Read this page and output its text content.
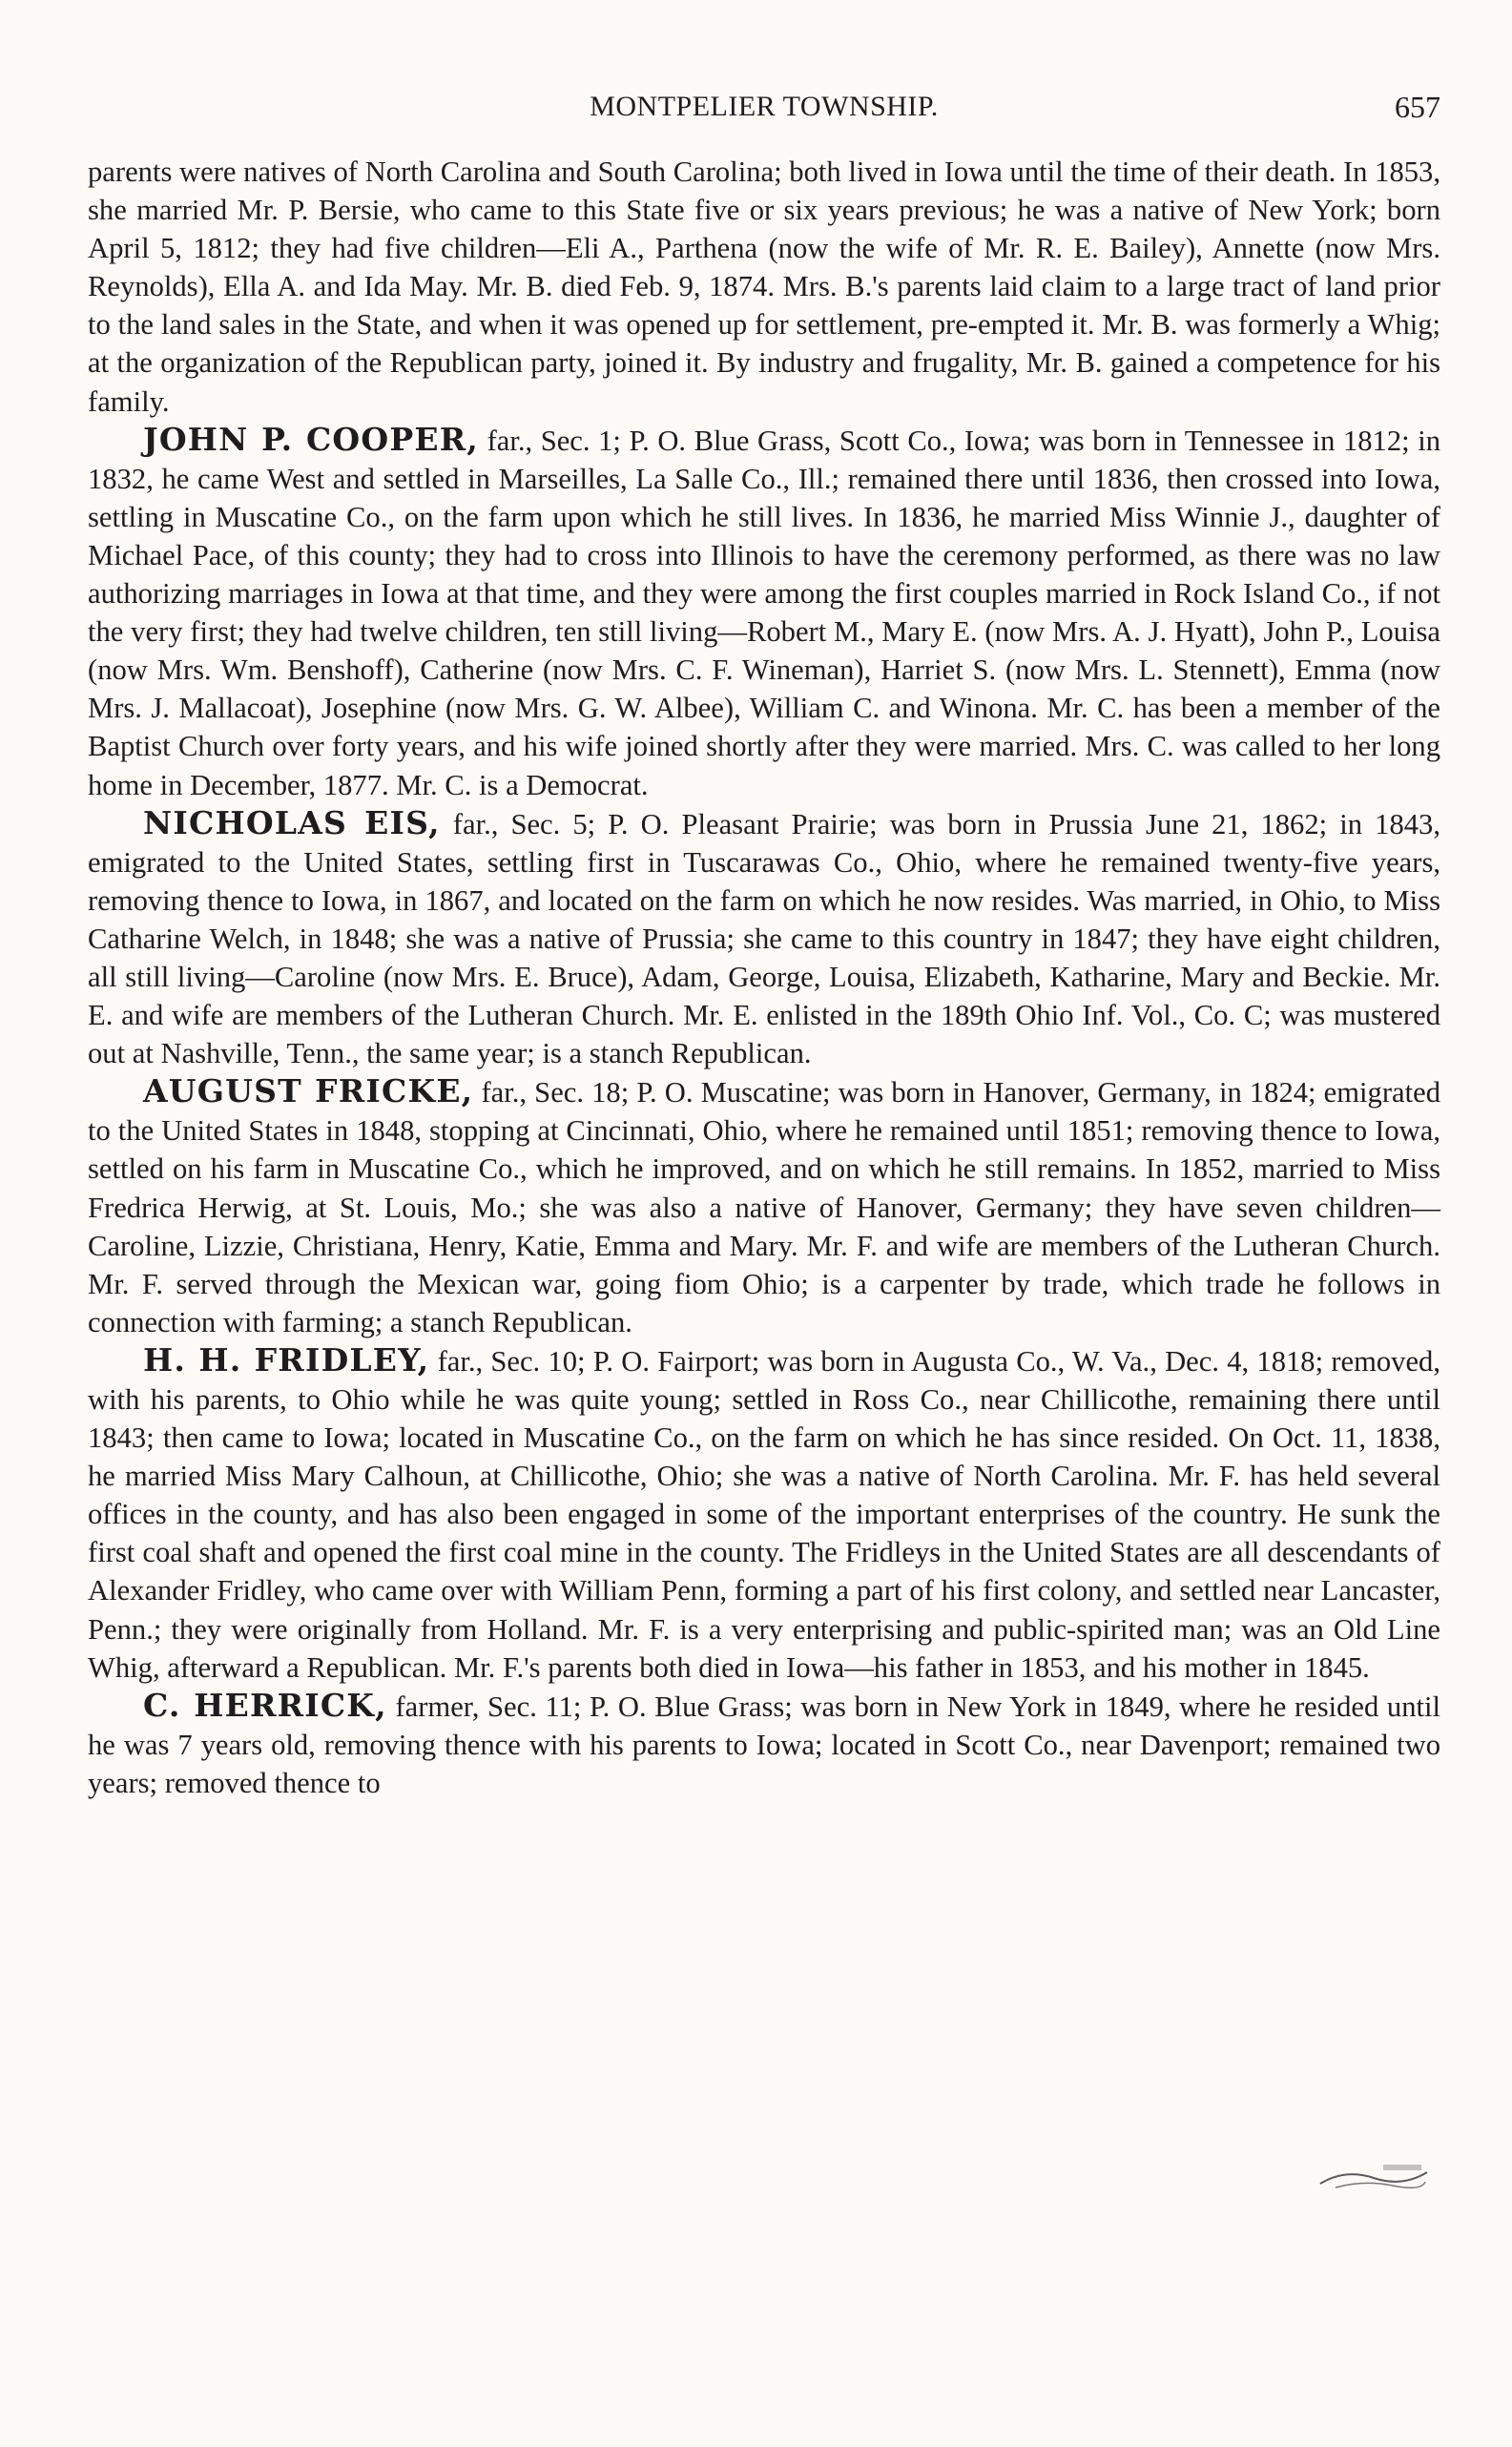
MONTPELIER TOWNSHIP.	657

parents were natives of North Carolina and South Carolina; both lived in Iowa until the time of their death. In 1853, she married Mr. P. Bersie, who came to this State five or six years previous; he was a native of New York; born April 5, 1812; they had five children—Eli A., Parthena (now the wife of Mr. R. E. Bailey), Annette (now Mrs. Reynolds), Ella A. and Ida May. Mr. B. died Feb. 9, 1874. Mrs. B.'s parents laid claim to a large tract of land prior to the land sales in the State, and when it was opened up for settlement, pre-empted it. Mr. B. was formerly a Whig; at the organization of the Republican party, joined it. By industry and frugality, Mr. B. gained a competence for his family.

JOHN P. COOPER, far., Sec. 1; P. O. Blue Grass, Scott Co., Iowa; was born in Tennessee in 1812; in 1832, he came West and settled in Marseilles, La Salle Co., Ill.; remained there until 1836, then crossed into Iowa, settling in Muscatine Co., on the farm upon which he still lives. In 1836, he married Miss Winnie J., daughter of Michael Pace, of this county; they had to cross into Illinois to have the ceremony performed, as there was no law authorizing marriages in Iowa at that time, and they were among the first couples married in Rock Island Co., if not the very first; they had twelve children, ten still living—Robert M., Mary E. (now Mrs. A. J. Hyatt), John P., Louisa (now Mrs. Wm. Benshoff), Catherine (now Mrs. C. F. Wineman), Harriet S. (now Mrs. L. Stennett), Emma (now Mrs. J. Mallacoat), Josephine (now Mrs. G. W. Albee), William C. and Winona. Mr. C. has been a member of the Baptist Church over forty years, and his wife joined shortly after they were married. Mrs. C. was called to her long home in December, 1877. Mr. C. is a Democrat.

NICHOLAS EIS, far., Sec. 5; P. O. Pleasant Prairie; was born in Prussia June 21, 1862; in 1843, emigrated to the United States, settling first in Tuscarawas Co., Ohio, where he remained twenty-five years, removing thence to Iowa, in 1867, and located on the farm on which he now resides. Was married, in Ohio, to Miss Catharine Welch, in 1848; she was a native of Prussia; she came to this country in 1847; they have eight children, all still living—Caroline (now Mrs. E. Bruce), Adam, George, Louisa, Elizabeth, Katharine, Mary and Beckie. Mr. E. and wife are members of the Lutheran Church. Mr. E. enlisted in the 189th Ohio Inf. Vol., Co. C; was mustered out at Nashville, Tenn., the same year; is a stanch Republican.

AUGUST FRICKE, far., Sec. 18; P. O. Muscatine; was born in Hanover, Germany, in 1824; emigrated to the United States in 1848, stopping at Cincinnati, Ohio, where he remained until 1851; removing thence to Iowa, settled on his farm in Muscatine Co., which he improved, and on which he still remains. In 1852, married to Miss Fredrica Herwig, at St. Louis, Mo.; she was also a native of Hanover, Germany; they have seven children—Caroline, Lizzie, Christiana, Henry, Katie, Emma and Mary. Mr. F. and wife are members of the Lutheran Church. Mr. F. served through the Mexican war, going fiom Ohio; is a carpenter by trade, which trade he follows in connection with farming; a stanch Republican.

H. H. FRIDLEY, far., Sec. 10; P. O. Fairport; was born in Augusta Co., W. Va., Dec. 4, 1818; removed, with his parents, to Ohio while he was quite young; settled in Ross Co., near Chillicothe, remaining there until 1843; then came to Iowa; located in Muscatine Co., on the farm on which he has since resided. On Oct. 11, 1838, he married Miss Mary Calhoun, at Chillicothe, Ohio; she was a native of North Carolina. Mr. F. has held several offices in the county, and has also been engaged in some of the important enterprises of the country. He sunk the first coal shaft and opened the first coal mine in the county. The Fridleys in the United States are all descendants of Alexander Fridley, who came over with William Penn, forming a part of his first colony, and settled near Lancaster, Penn.; they were originally from Holland. Mr. F. is a very enterprising and public-spirited man; was an Old Line Whig, afterward a Republican. Mr. F.'s parents both died in Iowa—his father in 1853, and his mother in 1845.

C. HERRICK, farmer, Sec. 11; P. O. Blue Grass; was born in New York in 1849, where he resided until he was 7 years old, removing thence with his parents to Iowa; located in Scott Co., near Davenport; remained two years; removed thence to
